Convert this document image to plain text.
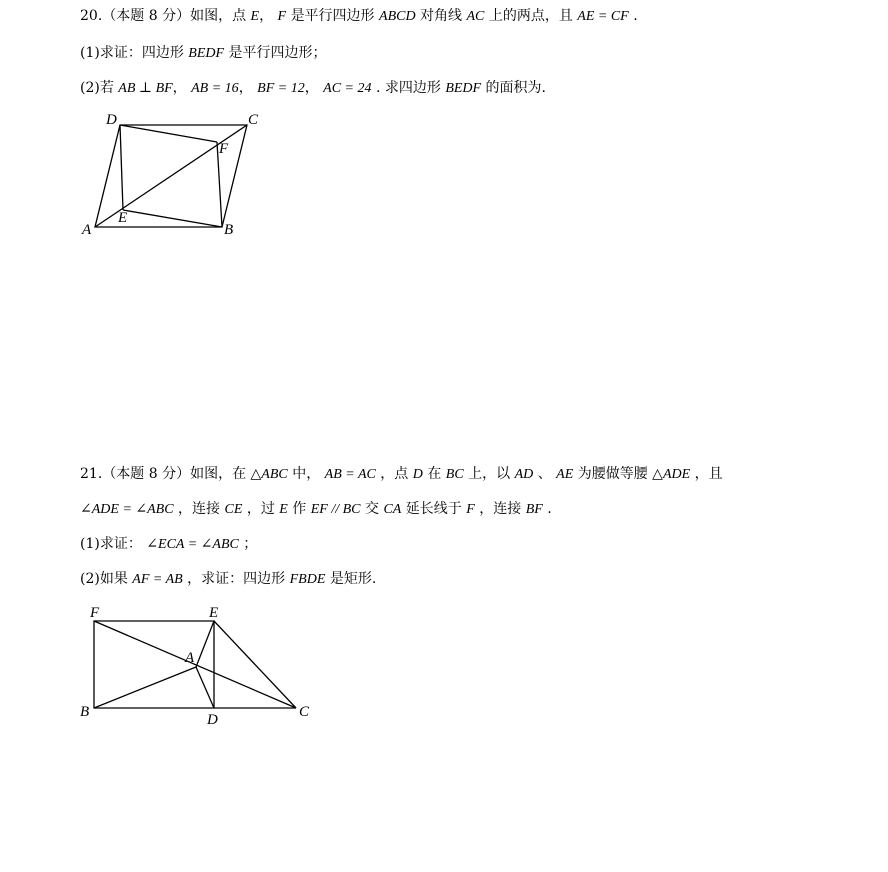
20.（本题 8 分）如图，点 E， F 是平行四边形 ABCD 对角线 AC 上的两点，且 AE = CF .
(1)求证：四边形 BEDF 是平行四边形；
(2)若 AB ⊥ BF， AB = 16， BF = 12， AC = 24 . 求四边形 BEDF 的面积为.
D	C
F
A
E
B
21.（本题 8 分）如图，在 △ABC 中， AB = AC ，点 D 在 BC 上，以 AD 、 AE 为腰做等腰 △ADE ，且
∠ADE = ∠ABC ，连接 CE ，过 E 作 EF // BC 交 CA 延长线于 F ，连接 BF .
(1)求证： ∠ECA = ∠ABC ；
(2)如果 AF = AB ，求证：四边形 FBDE 是矩形.
F	E
A
B	D	C
